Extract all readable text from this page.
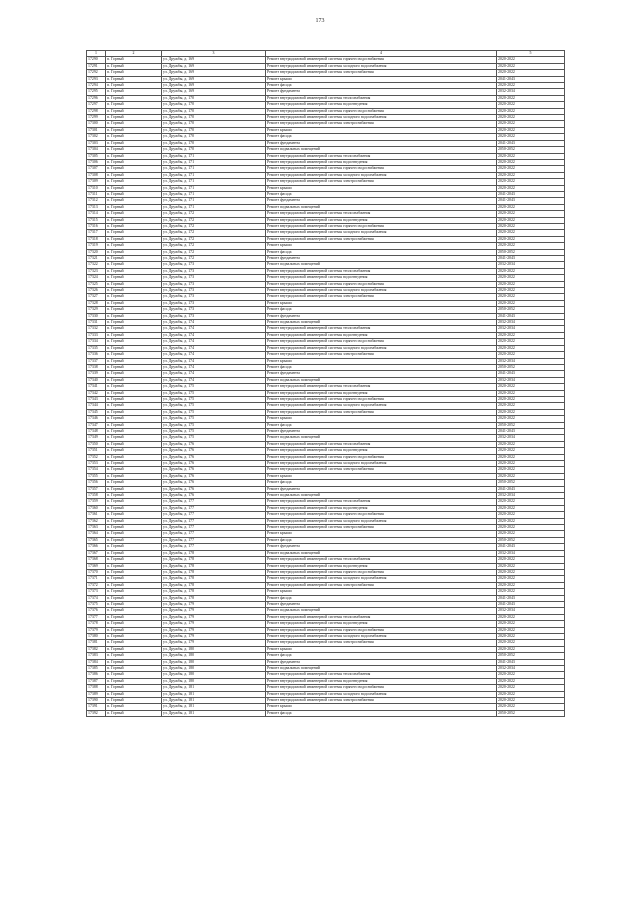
173
1	2	3	4	5
17290	п. Горный	ул. Дружбы, д. 169	Ремонт внутридомовой инженерной системы горячего водоснабжения	2020-2022
17291	п. Горный	ул. Дружбы, д. 169	Ремонт внутридомовой инженерной системы холодного водоснабжения	2020-2022
17292	п. Горный	ул. Дружбы, д. 169	Ремонт внутридомовой инженерной системы электроснабжения	2020-2022
17293	п. Горный	ул. Дружбы, д. 169	Ремонт крыши	2041-2043
17294	п. Горный	ул. Дружбы, д. 169	Ремонт фасада	2020-2022
17295	п. Горный	ул. Дружбы, д. 169	Ремонт фундамента	2032-2034
17296	п. Горный	ул. Дружбы, д. 170	Ремонт внутридомовой инженерной системы теплоснабжения	2020-2022
17297	п. Горный	ул. Дружбы, д. 170	Ремонт внутридомовой инженерной системы водоотведения	2020-2022
17298	п. Горный	ул. Дружбы, д. 170	Ремонт внутридомовой инженерной системы горячего водоснабжения	2020-2022
17299	п. Горный	ул. Дружбы, д. 170	Ремонт внутридомовой инженерной системы холодного водоснабжения	2020-2022
17300	п. Горный	ул. Дружбы, д. 170	Ремонт внутридомовой инженерной системы электроснабжения	2020-2022
17301	п. Горный	ул. Дружбы, д. 170	Ремонт крыши	2020-2022
17302	п. Горный	ул. Дружбы, д. 170	Ремонт фасада	2020-2022
17303	п. Горный	ул. Дружбы, д. 170	Ремонт фундамента	2041-2043
17304	п. Горный	ул. Дружбы, д. 170	Ремонт подвальных помещений	2050-2052
17305	п. Горный	ул. Дружбы, д. 171	Ремонт внутридомовой инженерной системы теплоснабжения	2020-2022
17306	п. Горный	ул. Дружбы, д. 171	Ремонт внутридомовой инженерной системы водоотведения	2020-2022
17307	п. Горный	ул. Дружбы, д. 171	Ремонт внутридомовой инженерной системы горячего водоснабжения	2020-2022
17308	п. Горный	ул. Дружбы, д. 171	Ремонт внутридомовой инженерной системы холодного водоснабжения	2020-2022
17309	п. Горный	ул. Дружбы, д. 171	Ремонт внутридомовой инженерной системы электроснабжения	2020-2022
17310	п. Горный	ул. Дружбы, д. 171	Ремонт крыши	2020-2022
17311	п. Горный	ул. Дружбы, д. 171	Ремонт фасада	2041-2043
17312	п. Горный	ул. Дружбы, д. 171	Ремонт фундамента	2041-2043
17313	п. Горный	ул. Дружбы, д. 171	Ремонт подвальных помещений	2020-2022
17314	п. Горный	ул. Дружбы, д. 172	Ремонт внутридомовой инженерной системы теплоснабжения	2020-2022
17315	п. Горный	ул. Дружбы, д. 172	Ремонт внутридомовой инженерной системы водоотведения	2020-2022
17316	п. Горный	ул. Дружбы, д. 172	Ремонт внутридомовой инженерной системы горячего водоснабжения	2020-2022
17317	п. Горный	ул. Дружбы, д. 172	Ремонт внутридомовой инженерной системы холодного водоснабжения	2020-2022
17318	п. Горный	ул. Дружбы, д. 172	Ремонт внутридомовой инженерной системы электроснабжения	2020-2022
17319	п. Горный	ул. Дружбы, д. 172	Ремонт крыши	2020-2022
17320	п. Горный	ул. Дружбы, д. 172	Ремонт фасада	2050-2052
17321	п. Горный	ул. Дружбы, д. 172	Ремонт фундамента	2041-2043
17322	п. Горный	ул. Дружбы, д. 173	Ремонт подвальных помещений	2032-2034
17323	п. Горный	ул. Дружбы, д. 173	Ремонт внутридомовой инженерной системы теплоснабжения	2020-2022
17324	п. Горный	ул. Дружбы, д. 173	Ремонт внутридомовой инженерной системы водоотведения	2020-2022
17325	п. Горный	ул. Дружбы, д. 173	Ремонт внутридомовой инженерной системы горячего водоснабжения	2020-2022
17326	п. Горный	ул. Дружбы, д. 173	Ремонт внутридомовой инженерной системы холодного водоснабжения	2020-2022
17327	п. Горный	ул. Дружбы, д. 173	Ремонт внутридомовой инженерной системы электроснабжения	2020-2022
17328	п. Горный	ул. Дружбы, д. 173	Ремонт крыши	2020-2022
17329	п. Горный	ул. Дружбы, д. 173	Ремонт фасада	2050-2052
17330	п. Горный	ул. Дружбы, д. 173	Ремонт фундамента	2041-2043
17331	п. Горный	ул. Дружбы, д. 174	Ремонт подвальных помещений	2032-2034
17332	п. Горный	ул. Дружбы, д. 174	Ремонт внутридомовой инженерной системы теплоснабжения	2032-2034
17333	п. Горный	ул. Дружбы, д. 174	Ремонт внутридомовой инженерной системы водоотведения	2020-2022
17334	п. Горный	ул. Дружбы, д. 174	Ремонт внутридомовой инженерной системы горячего водоснабжения	2020-2022
17335	п. Горный	ул. Дружбы, д. 174	Ремонт внутридомовой инженерной системы холодного водоснабжения	2020-2022
17336	п. Горный	ул. Дружбы, д. 174	Ремонт внутридомовой инженерной системы электроснабжения	2020-2022
17337	п. Горный	ул. Дружбы, д. 174	Ремонт крыши	2032-2034
17338	п. Горный	ул. Дружбы, д. 174	Ремонт фасада	2050-2052
17339	п. Горный	ул. Дружбы, д. 174	Ремонт фундамента	2041-2043
17340	п. Горный	ул. Дружбы, д. 174	Ремонт подвальных помещений	2032-2034
17341	п. Горный	ул. Дружбы, д. 175	Ремонт внутридомовой инженерной системы теплоснабжения	2020-2022
17342	п. Горный	ул. Дружбы, д. 175	Ремонт внутридомовой инженерной системы водоотведения	2020-2022
17343	п. Горный	ул. Дружбы, д. 175	Ремонт внутридомовой инженерной системы горячего водоснабжения	2020-2022
17344	п. Горный	ул. Дружбы, д. 175	Ремонт внутридомовой инженерной системы холодного водоснабжения	2020-2022
17345	п. Горный	ул. Дружбы, д. 175	Ремонт внутридомовой инженерной системы электроснабжения	2020-2022
17346	п. Горный	ул. Дружбы, д. 175	Ремонт крыши	2020-2022
17347	п. Горный	ул. Дружбы, д. 175	Ремонт фасада	2050-2052
17348	п. Горный	ул. Дружбы, д. 175	Ремонт фундамента	2041-2043
17349	п. Горный	ул. Дружбы, д. 175	Ремонт подвальных помещений	2032-2034
17350	п. Горный	ул. Дружбы, д. 176	Ремонт внутридомовой инженерной системы теплоснабжения	2020-2022
17351	п. Горный	ул. Дружбы, д. 176	Ремонт внутридомовой инженерной системы водоотведения	2020-2022
17352	п. Горный	ул. Дружбы, д. 176	Ремонт внутридомовой инженерной системы горячего водоснабжения	2020-2022
17353	п. Горный	ул. Дружбы, д. 176	Ремонт внутридомовой инженерной системы холодного водоснабжения	2020-2022
17354	п. Горный	ул. Дружбы, д. 176	Ремонт внутридомовой инженерной системы электроснабжения	2020-2022
17355	п. Горный	ул. Дружбы, д. 176	Ремонт крыши	2020-2022
17356	п. Горный	ул. Дружбы, д. 176	Ремонт фасада	2050-2052
17357	п. Горный	ул. Дружбы, д. 176	Ремонт фундамента	2041-2043
17358	п. Горный	ул. Дружбы, д. 176	Ремонт подвальных помещений	2032-2034
17359	п. Горный	ул. Дружбы, д. 177	Ремонт внутридомовой инженерной системы теплоснабжения	2020-2022
17360	п. Горный	ул. Дружбы, д. 177	Ремонт внутридомовой инженерной системы водоотведения	2020-2022
17361	п. Горный	ул. Дружбы, д. 177	Ремонт внутридомовой инженерной системы горячего водоснабжения	2020-2022
17362	п. Горный	ул. Дружбы, д. 177	Ремонт внутридомовой инженерной системы холодного водоснабжения	2020-2022
17363	п. Горный	ул. Дружбы, д. 177	Ремонт внутридомовой инженерной системы электроснабжения	2020-2022
17364	п. Горный	ул. Дружбы, д. 177	Ремонт крыши	2020-2022
17365	п. Горный	ул. Дружбы, д. 177	Ремонт фасада	2050-2052
17366	п. Горный	ул. Дружбы, д. 177	Ремонт фундамента	2041-2043
17367	п. Горный	ул. Дружбы, д. 178	Ремонт подвальных помещений	2032-2034
17368	п. Горный	ул. Дружбы, д. 178	Ремонт внутридомовой инженерной системы теплоснабжения	2020-2022
17369	п. Горный	ул. Дружбы, д. 178	Ремонт внутридомовой инженерной системы водоотведения	2020-2022
17370	п. Горный	ул. Дружбы, д. 178	Ремонт внутридомовой инженерной системы горячего водоснабжения	2020-2022
17371	п. Горный	ул. Дружбы, д. 178	Ремонт внутридомовой инженерной системы холодного водоснабжения	2020-2022
17372	п. Горный	ул. Дружбы, д. 178	Ремонт внутридомовой инженерной системы электроснабжения	2020-2022
17373	п. Горный	ул. Дружбы, д. 178	Ремонт крыши	2020-2022
17374	п. Горный	ул. Дружбы, д. 178	Ремонт фасада	2041-2043
17375	п. Горный	ул. Дружбы, д. 179	Ремонт фундамента	2041-2043
17376	п. Горный	ул. Дружбы, д. 179	Ремонт подвальных помещений	2032-2034
17377	п. Горный	ул. Дружбы, д. 179	Ремонт внутридомовой инженерной системы теплоснабжения	2020-2022
17378	п. Горный	ул. Дружбы, д. 179	Ремонт внутридомовой инженерной системы водоотведения	2020-2022
17379	п. Горный	ул. Дружбы, д. 179	Ремонт внутридомовой инженерной системы горячего водоснабжения	2020-2022
17380	п. Горный	ул. Дружбы, д. 179	Ремонт внутридомовой инженерной системы холодного водоснабжения	2020-2022
17381	п. Горный	ул. Дружбы, д. 179	Ремонт внутридомовой инженерной системы электроснабжения	2020-2022
17382	п. Горный	ул. Дружбы, д. 180	Ремонт крыши	2020-2022
17383	п. Горный	ул. Дружбы, д. 180	Ремонт фасада	2050-2052
17384	п. Горный	ул. Дружбы, д. 180	Ремонт фундамента	2041-2043
17385	п. Горный	ул. Дружбы, д. 180	Ремонт подвальных помещений	2032-2034
17386	п. Горный	ул. Дружбы, д. 180	Ремонт внутридомовой инженерной системы теплоснабжения	2020-2022
17387	п. Горный	ул. Дружбы, д. 180	Ремонт внутридомовой инженерной системы водоотведения	2020-2022
17388	п. Горный	ул. Дружбы, д. 181	Ремонт внутридомовой инженерной системы горячего водоснабжения	2020-2022
17389	п. Горный	ул. Дружбы, д. 181	Ремонт внутридомовой инженерной системы холодного водоснабжения	2020-2022
17390	п. Горный	ул. Дружбы, д. 181	Ремонт внутридомовой инженерной системы электроснабжения	2020-2022
17391	п. Горный	ул. Дружбы, д. 181	Ремонт крыши	2020-2022
17392	п. Горный	ул. Дружбы, д. 181	Ремонт фасада	2050-2052
